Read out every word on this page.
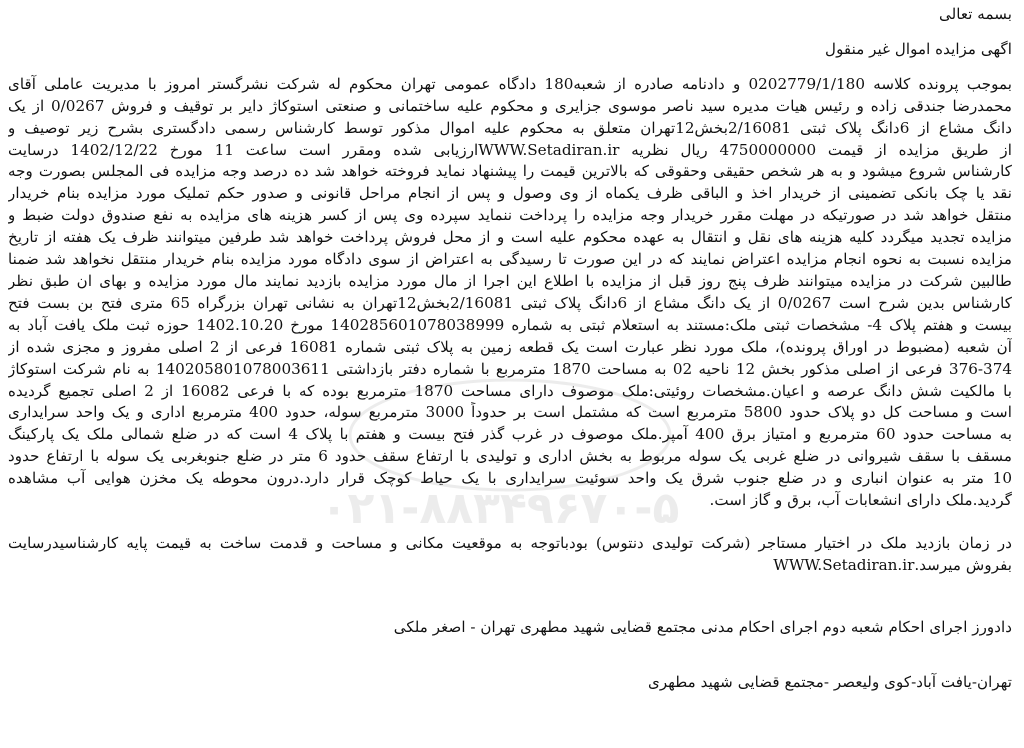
بسمه تعالی
اگهی مزایده اموال غیر منقول
بموجب پرونده کلاسه 0202779/1/180 و دادنامه صادره از شعبه180 دادگاه عمومی تهران محکوم له شرکت نشرگستر امروز با مدیریت عاملی آقای
محمدرضا جندقی زاده و رئیس هیات مدیره سید ناصر موسوی جزایری و محکوم علیه ساختمانی و صنعتی استوکاژ دایر بر توقیف و فروش 0/0267 از یک
دانگ مشاع از 6دانگ پلاک ثبتی 2/16081بخش12تهران متعلق به محکوم علیه اموال مذکور توسط کارشناس رسمی دادگستری بشرح زیر توصیف و
از طریق مزایده از قیمت 4750000000 ریال نظریه WWW.Setadiran.irارزیابی شده ومقرر است ساعت 11 مورخ 1402/12/22 درسایت
کارشناس شروع میشود و به هر شخص حقیقی وحقوقی که بالاترین قیمت را پیشنهاد نماید فروخته خواهد شد ده درصد وجه مزایده فی المجلس بصورت وجه
نقد یا چک بانکی تضمینی از خریدار اخذ و الباقی ظرف یکماه از وی وصول و پس از انجام مراحل قانونی و صدور حکم تملیک مورد مزایده بنام خریدار
منتقل خواهد شد در صورتیکه در مهلت مقرر خریدار وجه مزایده را پرداخت ننماید سپرده وی پس از کسر هزینه های مزایده به نفع صندوق دولت ضبط و
مزایده تجدید میگردد کلیه هزینه های نقل و انتقال به عهده محکوم علیه است و از محل فروش پرداخت خواهد شد طرفین میتوانند ظرف یک هفته از تاریخ
مزایده نسبت به نحوه انجام مزایده اعتراض نمایند که در این صورت تا رسیدگی به اعتراض از سوی دادگاه مورد مزایده بنام خریدار منتقل نخواهد شد ضمنا
طالبین شرکت در مزایده میتوانند ظرف پنج روز قبل از مزایده با اطلاع این اجرا از مال مورد مزایده بازدید نمایند مال مورد مزایده و بهای ان طبق نظر
کارشناس بدین شرح است 0/0267 از یک دانگ مشاع از 6دانگ پلاک ثبتی 2/16081بخش12تهران به نشانی تهران بزرگراه 65 متری فتح بن بست فتح
بیست و هفتم پلاک 4- مشخصات ثبتی ملک:مستند به استعلام ثبتی به شماره 140285601078038999 مورخ 1402.10.20 حوزه ثبت ملک یافت آباد به
آن شعبه (مضبوط در اوراق پرونده)، ملک مورد نظر عبارت است یک قطعه زمین به پلاک ثبتی شماره 16081 فرعی از 2 اصلی مفروز و مجزی شده از
376-374 فرعی از اصلی مذکور بخش 12 ناحیه 02 به مساحت 1870 مترمربع با شماره دفتر بازداشتی 140205801078003611 به نام شرکت استوکاژ
با مالکیت شش دانگ عرصه و اعیان.مشخصات روئیتی:ملک موصوف دارای مساحت 1870 مترمربع بوده که با فرعی 16082 از 2 اصلی تجمیع گردیده
است و مساحت کل دو پلاک حدود 5800 مترمربع است که مشتمل است بر حدوداً 3000 مترمربع سوله، حدود 400 مترمربع اداری و یک واحد سرایداری
به مساحت حدود 60 مترمربع و امتیاز برق 400 آمپر.ملک موصوف در غرب گذر فتح بیست و هفتم با پلاک 4 است که در ضلع شمالی ملک یک پارکینگ
مسقف با سقف شیروانی در ضلع غربی یک سوله مربوط به بخش اداری و تولیدی با ارتفاع سقف حدود 6 متر در ضلع جنوبغربی یک سوله با ارتفاع حدود
10 متر به عنوان انباری و در ضلع جنوب شرق یک واحد سوئیت سرایداری با یک حیاط کوچک قرار دارد.درون محوطه یک مخزن هوایی آب مشاهده
گردید.ملک دارای انشعابات آب، برق و گاز است.
در زمان بازدید ملک در اختیار مستاجر (شرکت تولیدی دنتوس) بودباتوجه به موقعیت مکانی و مساحت و قدمت ساخت به قیمت پایه کارشناسیدرسایت
بفروش میرسد.WWW.Setadiran.ir
دادورز اجرای احکام شعبه دوم اجرای احکام مدنی مجتمع قضایی شهید مطهری تهران - اصغر ملکی
تهران-یافت آباد-کوی ولیعصر -مجتمع قضایی شهید مطهری
۰۲۱-۸۸۳۴۹۶۷۰-۵
